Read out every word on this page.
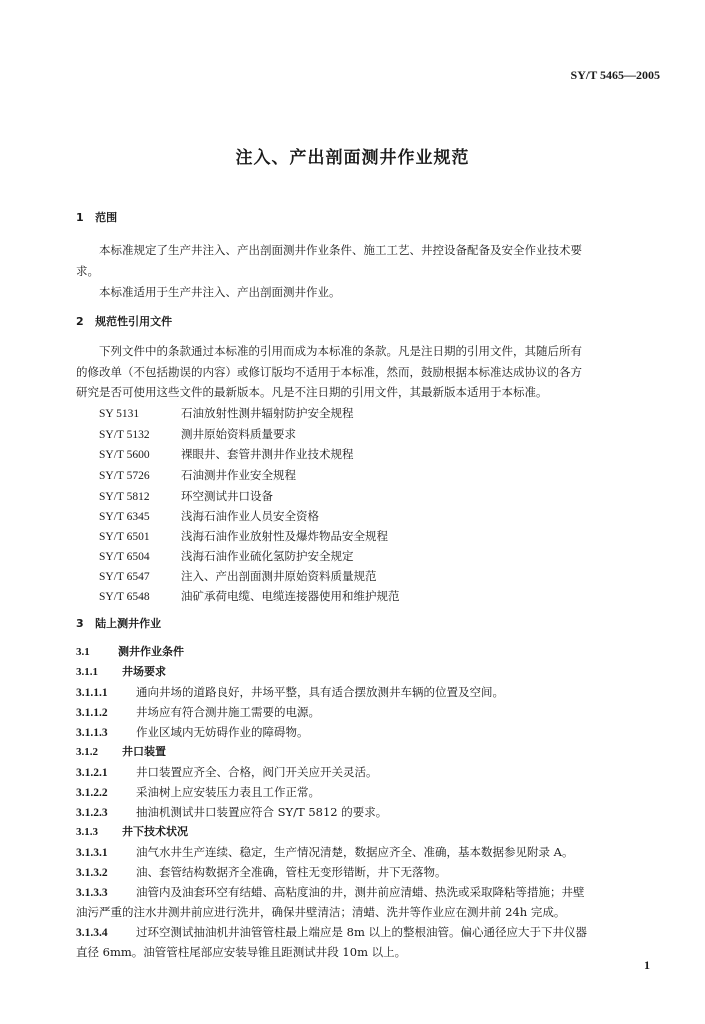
SY/T 5465—2005
注入、产出剖面测井作业规范
1 范围
本标准规定了生产井注入、产出剖面测井作业条件、施工工艺、井控设备配备及安全作业技术要
求。
本标准适用于生产井注入、产出剖面测井作业。
2 规范性引用文件
下列文件中的条款通过本标准的引用而成为本标准的条款。凡是注日期的引用文件，其随后所有
的修改单（不包括勘误的内容）或修订版均不适用于本标准，然而，鼓励根据本标准达成协议的各方
研究是否可使用这些文件的最新版本。凡是不注日期的引用文件，其最新版本适用于本标准。
SY 5131	石油放射性测井辐射防护安全规程
SY/T 5132	测井原始资料质量要求
SY/T 5600	裸眼井、套管井测井作业技术规程
SY/T 5726	石油测井作业安全规程
SY/T 5812	环空测试井口设备
SY/T 6345	浅海石油作业人员安全资格
SY/T 6501	浅海石油作业放射性及爆炸物品安全规程
SY/T 6504	浅海石油作业硫化氢防护安全规定
SY/T 6547	注入、产出剖面测井原始资料质量规范
SY/T 6548	油矿承荷电缆、电缆连接器使用和维护规范
3 陆上测井作业
3.1	测井作业条件
3.1.1 井场要求
3.1.1.1 通向井场的道路良好，井场平整，具有适合摆放测井车辆的位置及空间。
3.1.1.2 井场应有符合测井施工需要的电源。
3.1.1.3 作业区域内无妨碍作业的障碍物。
3.1.2 井口装置
3.1.2.1 井口装置应齐全、合格，阀门开关应开关灵活。
3.1.2.2 采油树上应安装压力表且工作正常。
3.1.2.3 抽油机测试井口装置应符合 SY/T 5812 的要求。
3.1.3 井下技术状况
3.1.3.1 油气水井生产连续、稳定，生产情况清楚，数据应齐全、准确，基本数据参见附录 A。
3.1.3.2 油、套管结构数据齐全准确，管柱无变形错断，井下无落物。
3.1.3.3 油管内及油套环空有结蜡、高粘度油的井，测井前应清蜡、热洗或采取降粘等措施；井壁
油污严重的注水井测井前应进行洗井，确保井壁清洁；清蜡、洗井等作业应在测井前 24h 完成。
3.1.3.4 过环空测试抽油机井油管管柱最上端应是 8m 以上的整根油管。偏心通径应大于下井仪器
直径 6mm。油管管柱尾部应安装导锥且距测试井段 10m 以上。
1
